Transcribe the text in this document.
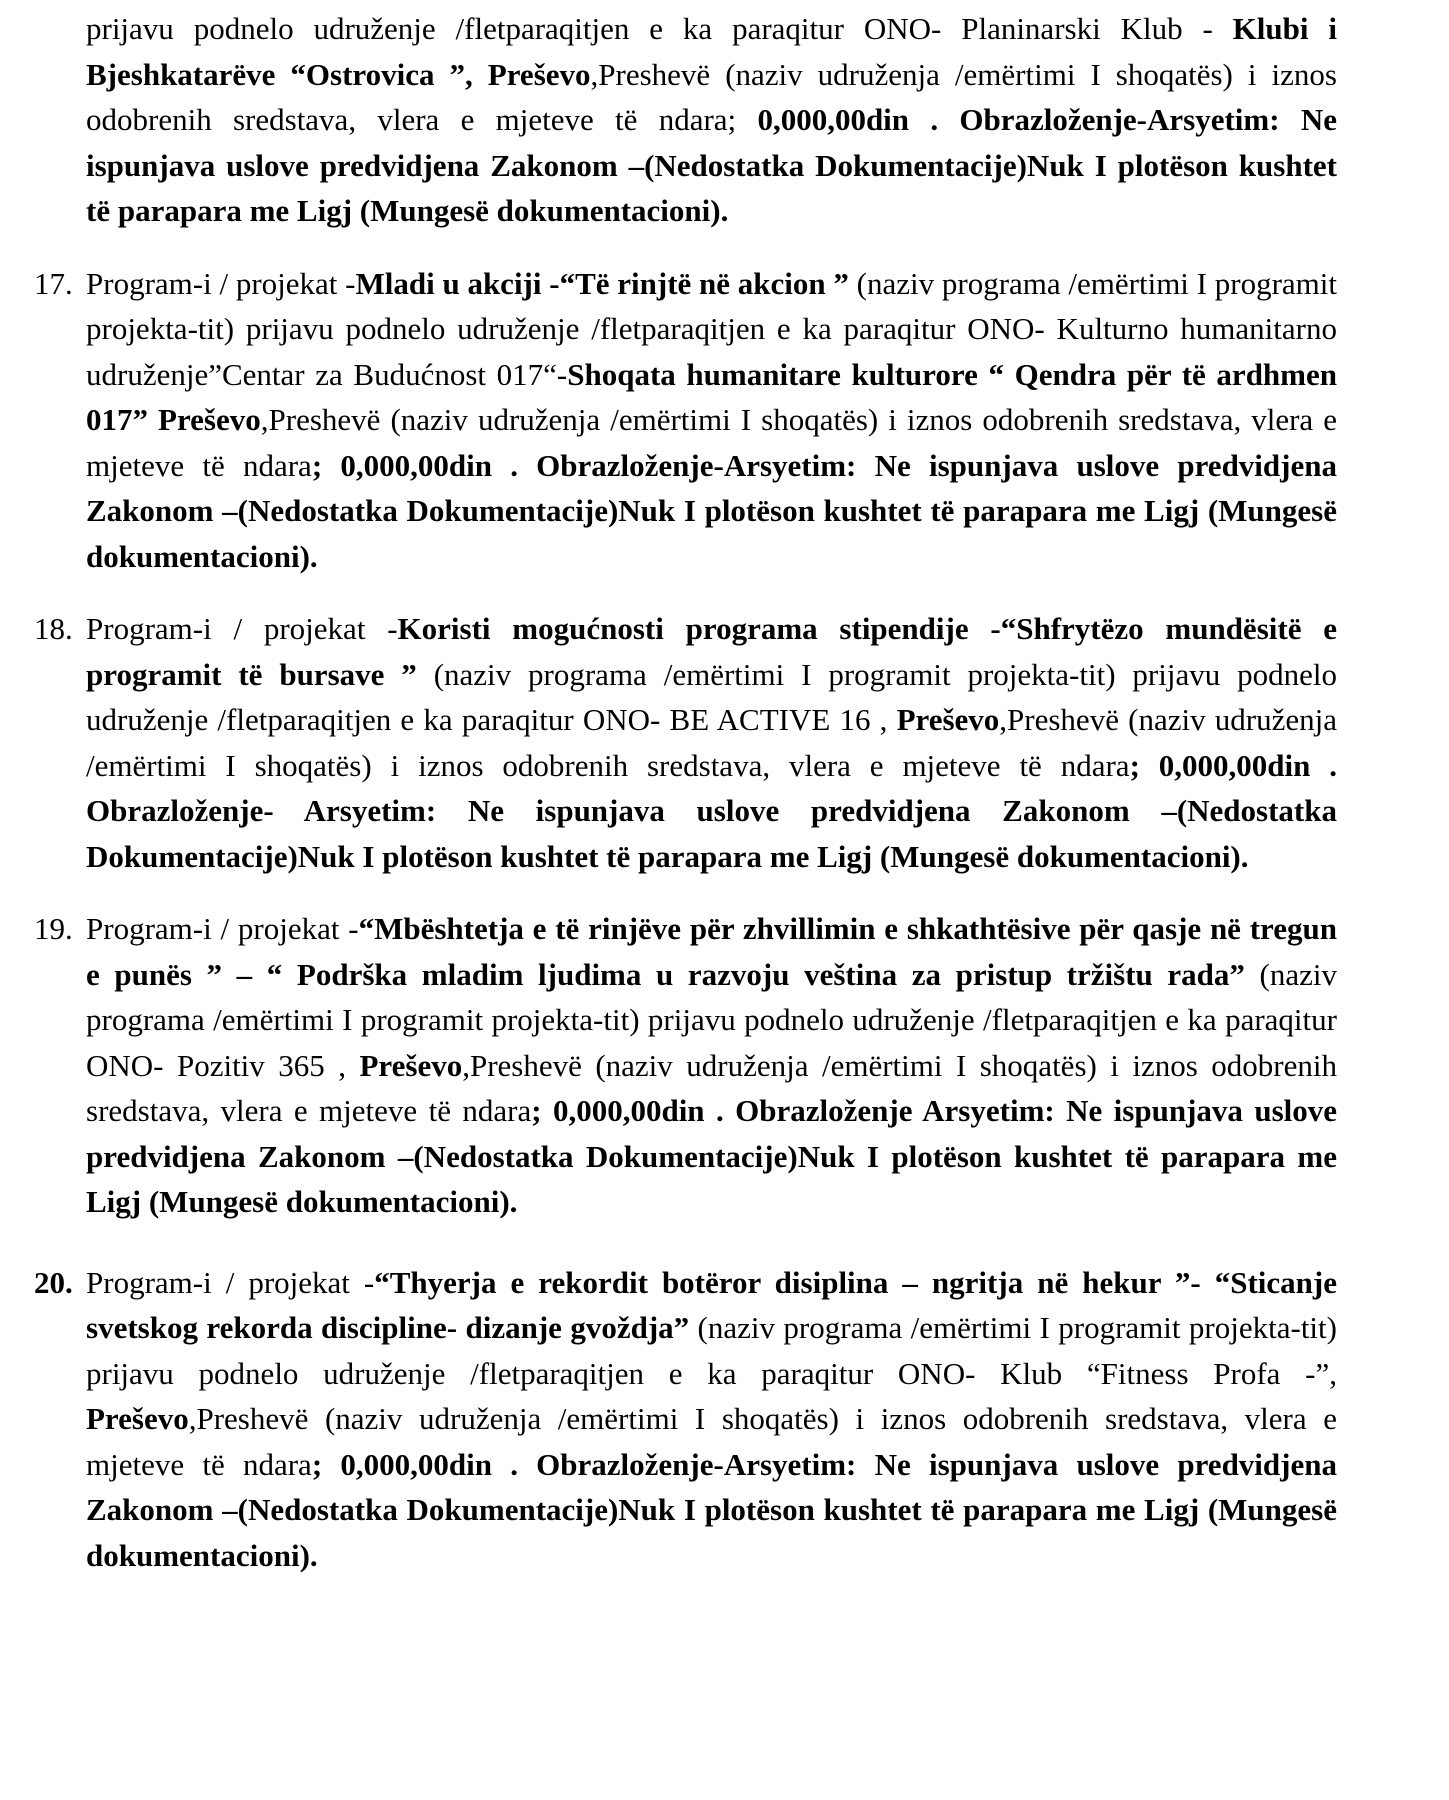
prijavu podnelo udruženje /fletparaqitjen e ka paraqitur ONO- Planinarski Klub - Klubi i Bjeshkatarëve “Ostrovica ”, Preševo,Preshevë (naziv udruženja /emërtimi I shoqatës) i iznos odobrenih sredstava, vlera e mjeteve të ndara; 0,000,00din . Obrazloženje-Arsyetim: Ne ispunjava uslove predvidjena Zakonom –(Nedostatka Dokumentacije)Nuk I plotëson kushtet të parapara me Ligj (Mungesë dokumentacioni).

17. Program-i / projekat -Mladi u akciji -“Të rinjtë në akcion ” (naziv programa /emërtimi I programit projekta-tit) prijavu podnelo udruženje /fletparaqitjen e ka paraqitur ONO- Kulturno humanitarno udruženje”Centar za Budućnost 017“-Shoqata humanitare kulturore “ Qendra për të ardhmen 017” Preševo,Preshevë (naziv udruženja /emërtimi I shoqatës) i iznos odobrenih sredstava, vlera e mjeteve të ndara; 0,000,00din . Obrazloženje-Arsyetim: Ne ispunjava uslove predvidjena Zakonom –(Nedostatka Dokumentacije)Nuk I plotëson kushtet të parapara me Ligj (Mungesë dokumentacioni).

18. Program-i / projekat -Koristi mogućnosti programa stipendije -“Shfrytëzo mundësitë e programit të bursave ” (naziv programa /emërtimi I programit projekta-tit) prijavu podnelo udruženje /fletparaqitjen e ka paraqitur ONO- BE ACTIVE 16 , Preševo,Preshevë (naziv udruženja /emërtimi I shoqatës) i iznos odobrenih sredstava, vlera e mjeteve të ndara; 0,000,00din . Obrazloženje- Arsyetim: Ne ispunjava uslove predvidjena Zakonom –(Nedostatka Dokumentacije)Nuk I plotëson kushtet të parapara me Ligj (Mungesë dokumentacioni).

19. Program-i / projekat -“Mbështetja e të rinjëve për zhvillimin e shkathtësive për qasje në tregun e punës ” – “ Podrška mladim ljudima u razvoju veština za pristup tržištu rada” (naziv programa /emërtimi I programit projekta-tit) prijavu podnelo udruženje /fletparaqitjen e ka paraqitur ONO- Pozitiv 365 , Preševo,Preshevë (naziv udruženja /emërtimi I shoqatës) i iznos odobrenih sredstava, vlera e mjeteve të ndara; 0,000,00din . Obrazloženje Arsyetim: Ne ispunjava uslove predvidjena Zakonom –(Nedostatka Dokumentacije)Nuk I plotëson kushtet të parapara me Ligj (Mungesë dokumentacioni).

20. Program-i / projekat -“Thyerja e rekordit botëror disiplina – ngritja në hekur ”- “Sticanje svetskog rekorda discipline- dizanje gvoždja” (naziv programa /emërtimi I programit projekta-tit) prijavu podnelo udruženje /fletparaqitjen e ka paraqitur ONO- Klub “Fitness Profa -”, Preševo,Preshevë (naziv udruženja /emërtimi I shoqatës) i iznos odobrenih sredstava, vlera e mjeteve të ndara; 0,000,00din . Obrazloženje-Arsyetim: Ne ispunjava uslove predvidjena Zakonom –(Nedostatka Dokumentacije)Nuk I plotëson kushtet të parapara me Ligj (Mungesë dokumentacioni).
